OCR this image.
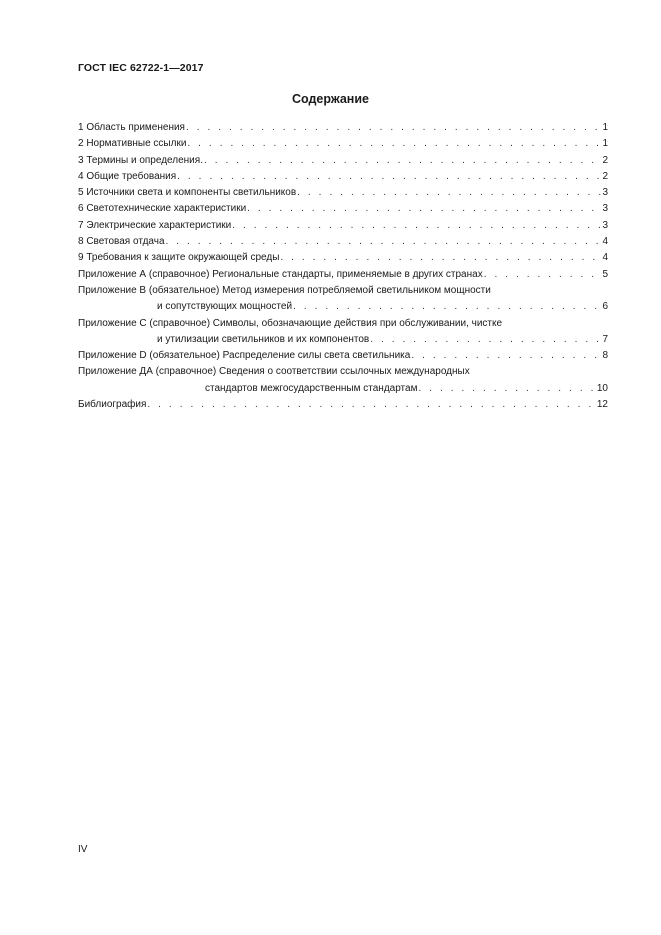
ГОСТ IEC 62722-1—2017
Содержание
1 Область применения . . .	1
2 Нормативные ссылки . . .	1
3 Термины и определения. . . .	2
4 Общие требования . . .	2
5 Источники света и компоненты светильников . . .	3
6 Светотехнические характеристики . . .	3
7 Электрические характеристики . . .	3
8 Световая отдача . . .	4
9 Требования к защите окружающей среды . . .	4
Приложение А (справочное) Региональные стандарты, применяемые в других странах . . .	5
Приложение В (обязательное) Метод измерения потребляемой светильником мощности
и сопутствующих мощностей . . .	6
Приложение С (справочное) Символы, обозначающие действия при обслуживании, чистке
и утилизации светильников и их компонентов . . .	7
Приложение D (обязательное) Распределение силы света светильника . . .	8
Приложение ДА (справочное) Сведения о соответствии ссылочных международных
стандартов межгосударственным стандартам . . .	10
Библиография . . .	12
IV
